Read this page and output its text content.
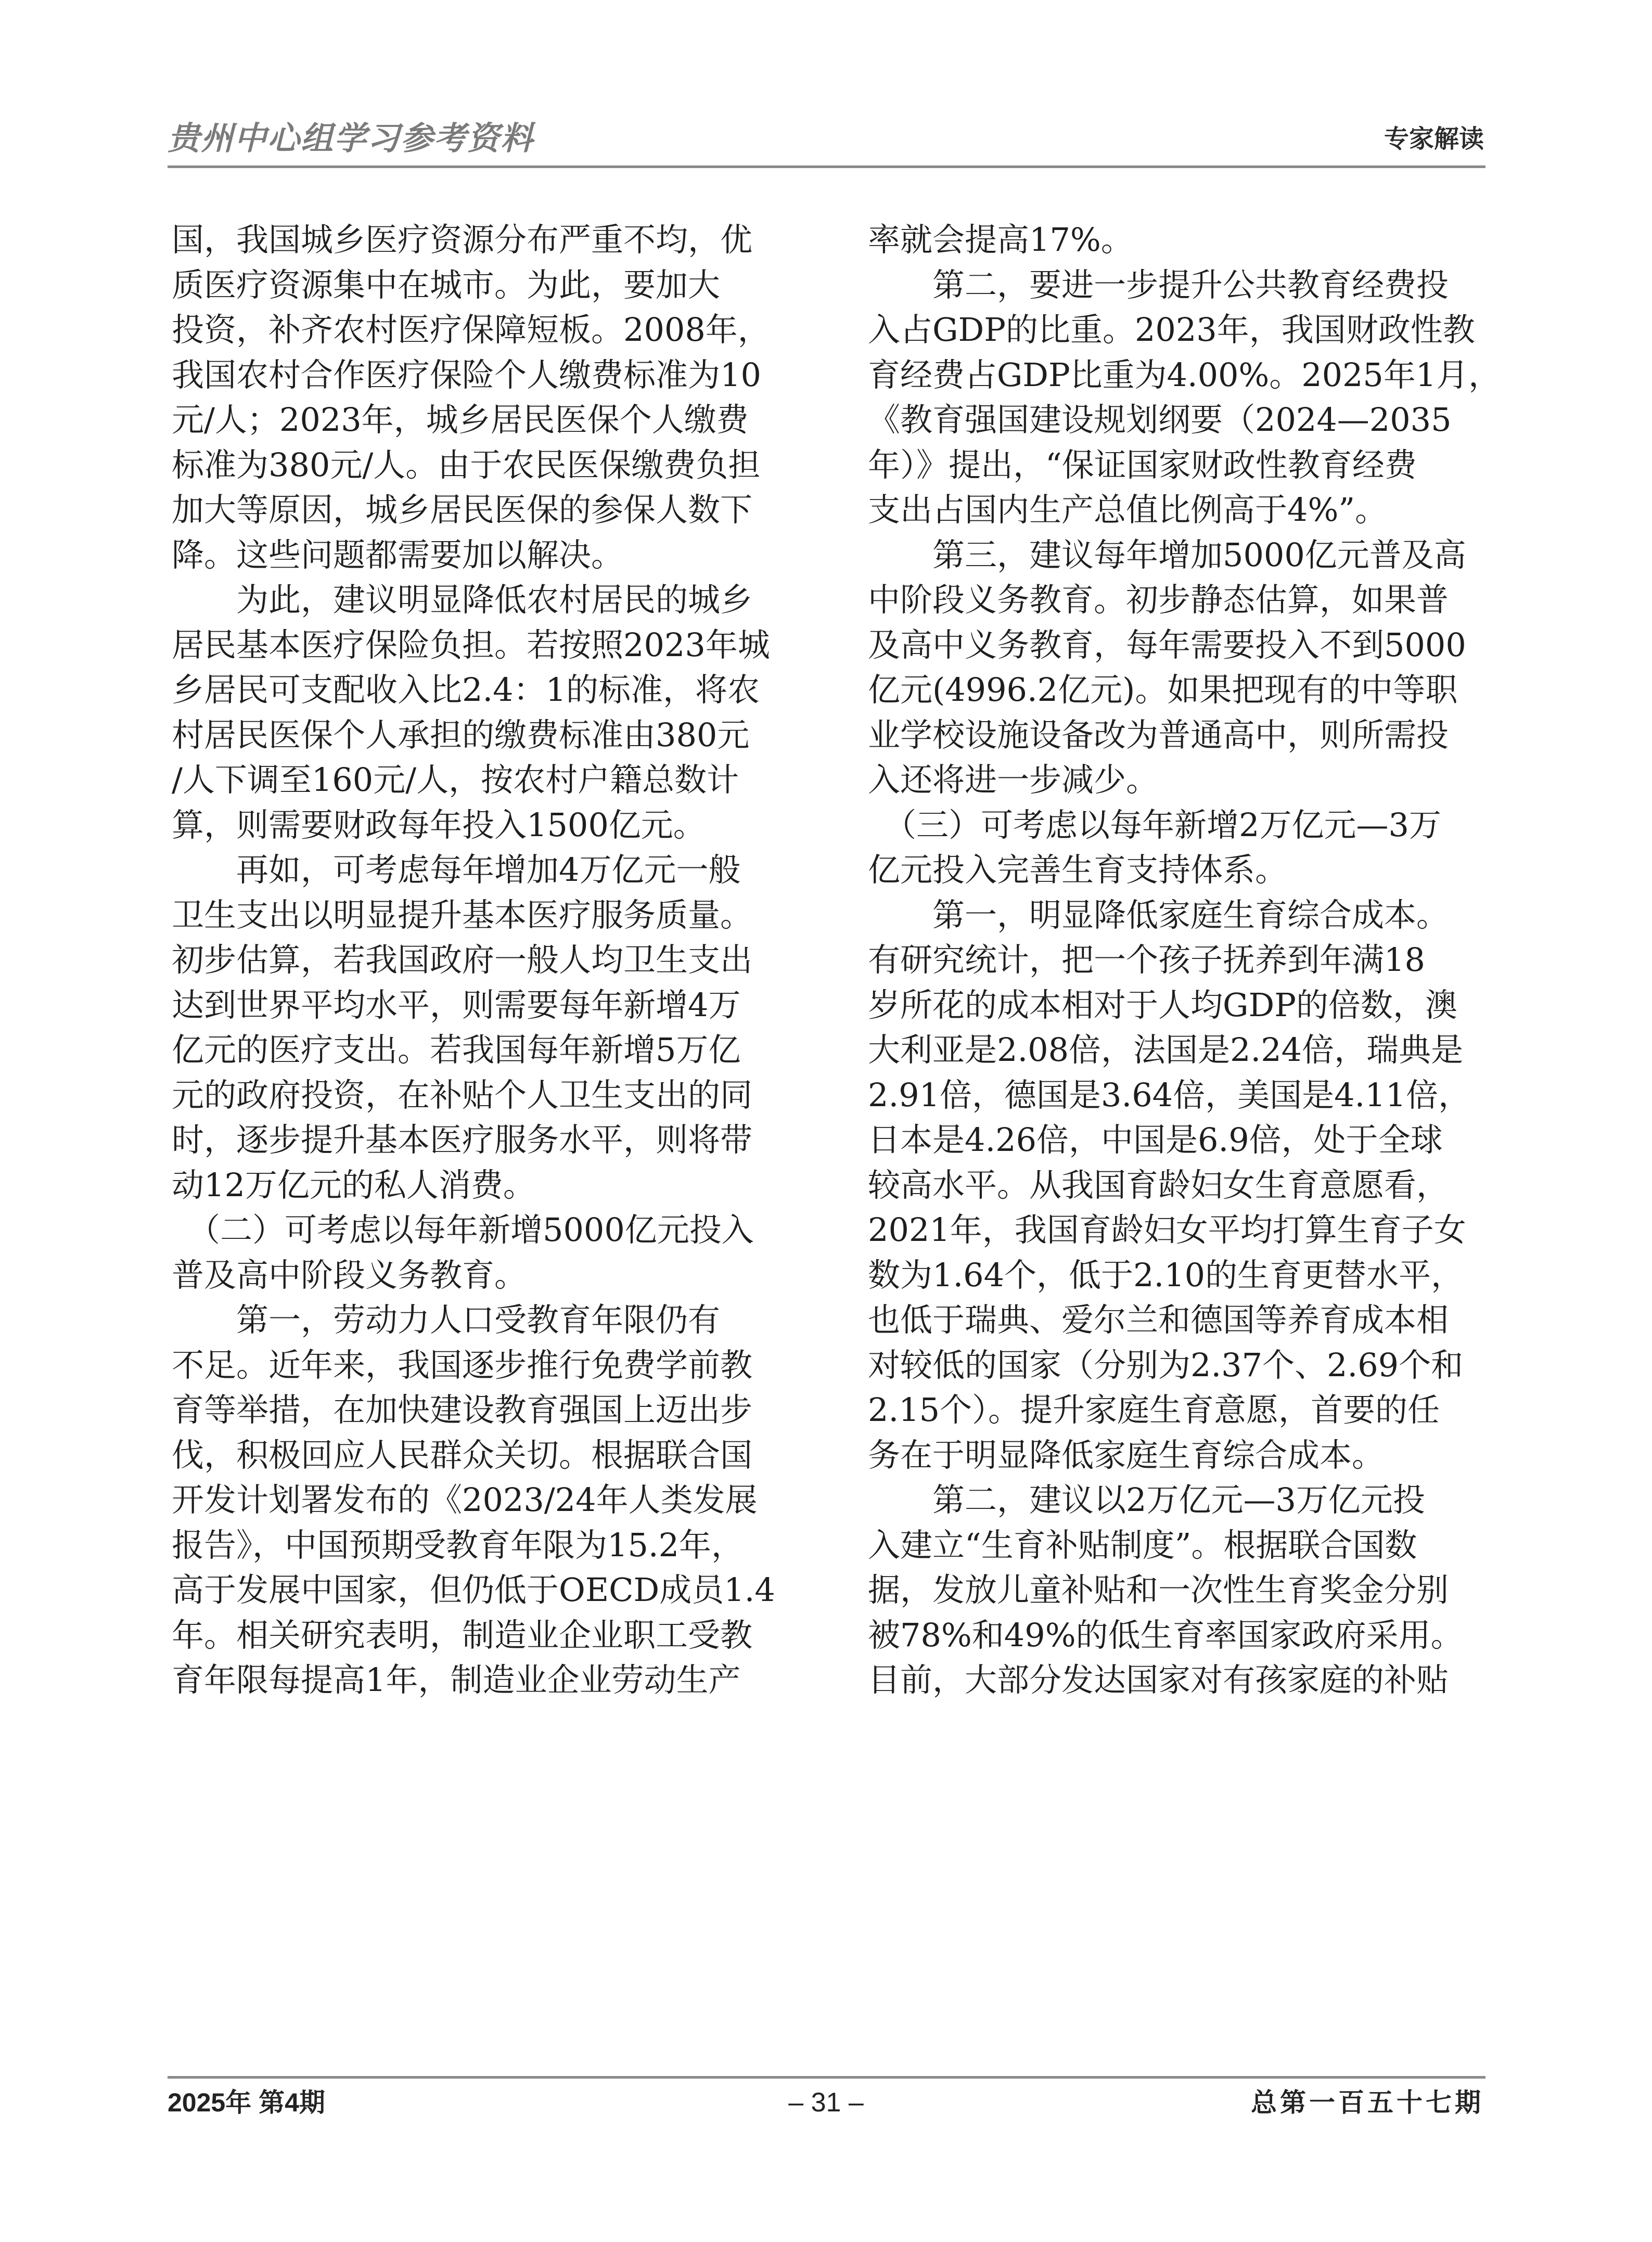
贵州中心组学习参考资料	专家解读
国，我国城乡医疗资源分布严重不均，优
质医疗资源集中在城市。为此，要加大
投资，补齐农村医疗保障短板。2008年，
我国农村合作医疗保险个人缴费标准为10
元/人；2023年，城乡居民医保个人缴费
标准为380元/人。由于农民医保缴费负担
加大等原因，城乡居民医保的参保人数下
降。这些问题都需要加以解决。
　　为此，建议明显降低农村居民的城乡
居民基本医疗保险负担。若按照2023年城
乡居民可支配收入比2.4：1的标准，将农
村居民医保个人承担的缴费标准由380元
/人下调至160元/人，按农村户籍总数计
算，则需要财政每年投入1500亿元。
　　再如，可考虑每年增加4万亿元一般
卫生支出以明显提升基本医疗服务质量。
初步估算，若我国政府一般人均卫生支出
达到世界平均水平，则需要每年新增4万
亿元的医疗支出。若我国每年新增5万亿
元的政府投资，在补贴个人卫生支出的同
时，逐步提升基本医疗服务水平，则将带
动12万亿元的私人消费。
　（二）可考虑以每年新增5000亿元投入
普及高中阶段义务教育。
　　第一，劳动力人口受教育年限仍有
不足。近年来，我国逐步推行免费学前教
育等举措，在加快建设教育强国上迈出步
伐，积极回应人民群众关切。根据联合国
开发计划署发布的《2023/24年人类发展
报告》，中国预期受教育年限为15.2年，
高于发展中国家，但仍低于OECD成员1.4
年。相关研究表明，制造业企业职工受教
育年限每提高1年，制造业企业劳动生产
率就会提高17%。
　　第二，要进一步提升公共教育经费投
入占GDP的比重。2023年，我国财政性教
育经费占GDP比重为4.00%。2025年1月，
《教育强国建设规划纲要（2024—2035
年）》提出，“保证国家财政性教育经费
支出占国内生产总值比例高于4%”。
　　第三，建议每年增加5000亿元普及高
中阶段义务教育。初步静态估算，如果普
及高中义务教育，每年需要投入不到5000
亿元(4996.2亿元)。如果把现有的中等职
业学校设施设备改为普通高中，则所需投
入还将进一步减少。
　（三）可考虑以每年新增2万亿元—3万
亿元投入完善生育支持体系。
　　第一，明显降低家庭生育综合成本。
有研究统计，把一个孩子抚养到年满18
岁所花的成本相对于人均GDP的倍数，澳
大利亚是2.08倍，法国是2.24倍，瑞典是
2.91倍，德国是3.64倍，美国是4.11倍，
日本是4.26倍，中国是6.9倍，处于全球
较高水平。从我国育龄妇女生育意愿看，
2021年，我国育龄妇女平均打算生育子女
数为1.64个，低于2.10的生育更替水平，
也低于瑞典、爱尔兰和德国等养育成本相
对较低的国家（分别为2.37个、2.69个和
2.15个）。提升家庭生育意愿，首要的任
务在于明显降低家庭生育综合成本。
　　第二，建议以2万亿元—3万亿元投
入建立“生育补贴制度”。根据联合国数
据，发放儿童补贴和一次性生育奖金分别
被78%和49%的低生育率国家政府采用。
目前，大部分发达国家对有孩家庭的补贴
2025年 第4期	– 31 –	总第一百五十七期
